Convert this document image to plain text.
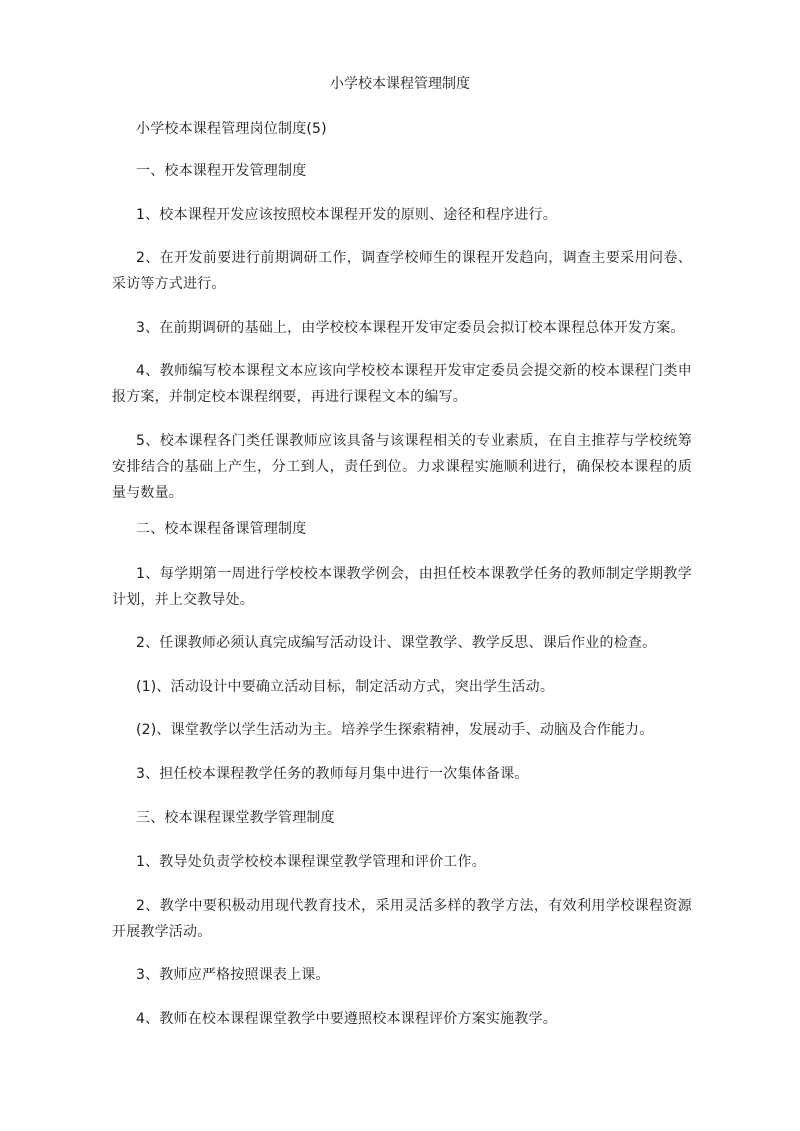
小学校本课程管理制度

小学校本课程管理岗位制度(5)

一、校本课程开发管理制度

1、校本课程开发应该按照校本课程开发的原则、途径和程序进行。

2、在开发前要进行前期调研工作，调查学校师生的课程开发趋向，调查主要采用问卷、采访等方式进行。

3、在前期调研的基础上，由学校校本课程开发审定委员会拟订校本课程总体开发方案。

4、教师编写校本课程文本应该向学校校本课程开发审定委员会提交新的校本课程门类申报方案，并制定校本课程纲要，再进行课程文本的编写。

5、校本课程各门类任课教师应该具备与该课程相关的专业素质，在自主推荐与学校统筹安排结合的基础上产生，分工到人，责任到位。力求课程实施顺利进行，确保校本课程的质量与数量。

二、校本课程备课管理制度

1、每学期第一周进行学校校本课教学例会，由担任校本课教学任务的教师制定学期教学计划，并上交教导处。

2、任课教师必须认真完成编写活动设计、课堂教学、教学反思、课后作业的检查。

(1)、活动设计中要确立活动目标，制定活动方式，突出学生活动。

(2)、课堂教学以学生活动为主。培养学生探索精神，发展动手、动脑及合作能力。

3、担任校本课程教学任务的教师每月集中进行一次集体备课。

三、校本课程课堂教学管理制度

1、教导处负责学校校本课程课堂教学管理和评价工作。

2、教学中要积极动用现代教育技术，采用灵活多样的教学方法，有效利用学校课程资源开展教学活动。

3、教师应严格按照课表上课。

4、教师在校本课程课堂教学中要遵照校本课程评价方案实施教学。
